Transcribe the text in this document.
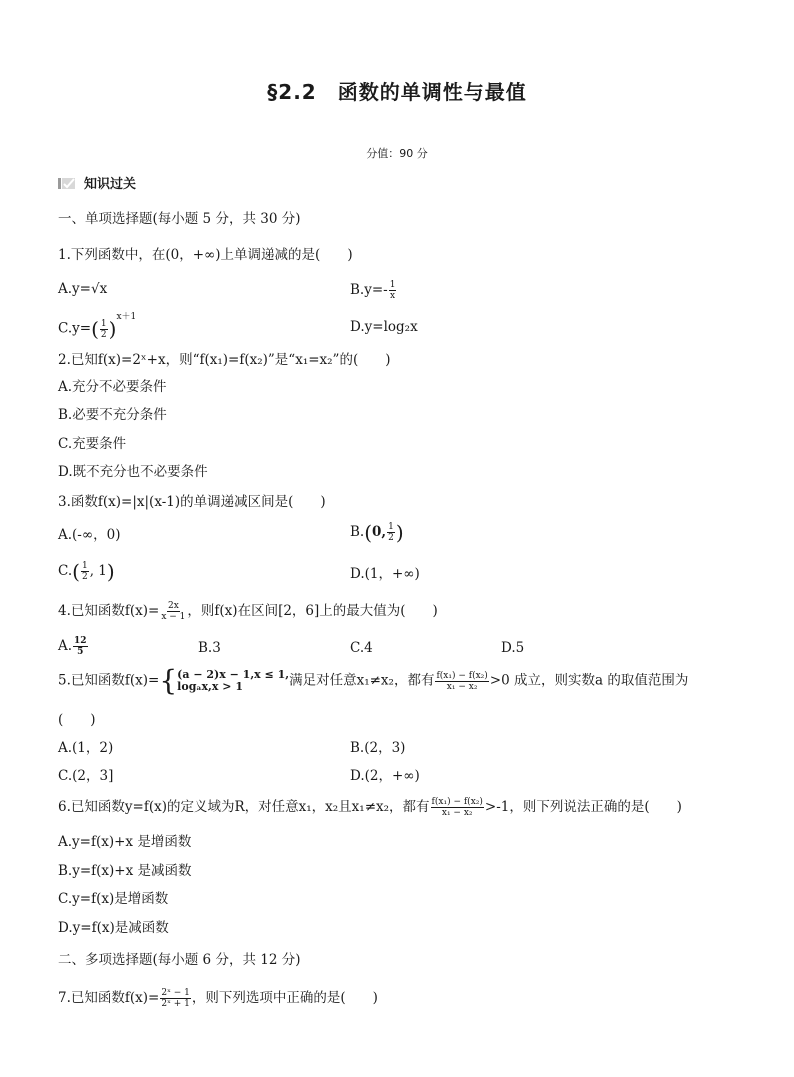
§2.2　函数的单调性与最值
分值：90 分
知识过关
一、单项选择题(每小题 5 分，共 30 分)
1.下列函数中，在(0，+∞)上单调递减的是(　　)
A.y=√x	$B.y=- \frac{1}{x}$
$C.y=( \frac{1}{2} )^{x+1}$
D.y=log₂x
2.已知f(x)=2ˣ+x，则“f(x₁)=f(x₂)”是“x₁=x₂”的(　　)
A.充分不必要条件
B.必要不充分条件
C.充要条件
D.既不充分也不必要条件
3.函数f(x)=|x|(x-1)的单调递减区间是(　　)
A.(-∞，0)	B.(0, $\frac{1}{2}$ )
$C.( \frac{1}{2}$ , 1)	D.(1，+∞)
4.已知函数$f(x)= \frac{2x}{x - 1}$ ，则f(x)在区间[2，6]上的最大值为(　　)
A. $\frac{12}{5}$	B.3	C.4	D.5
5.已知函数f(x)={ (a − 2)x − 1,x ≤ 1,
logₐx,x > 1	满足对任意x₁≠x₂，都有 $\frac{\text{f(x₁) − f(x₂)}}{\text{x₁ − x₂}} >0$ 成立，则实数a 的取值范围为
(　　)
A.(1，2)	B.(2，3)
C.(2，3]	D.(2，+∞)
6.已知函数y=f(x)的定义域为R，对任意x₁，x₂且x₁≠x₂，都有 $\frac{\text{f(x₁) − f(x₂)}}{\text{x₁ − x₂}} >-1$，则下列说法正确的是(　　)
A.y=f(x)+x 是增函数
B.y=f(x)+x 是减函数
C.y=f(x)是增函数
D.y=f(x)是减函数
二、多项选择题(每小题 6 分，共 12 分)
7.已知函数$f(x)= \frac{\text{2ˣ − 1}}{\text{2ˣ + 1}}$ ，则下列选项中正确的是(　　)
